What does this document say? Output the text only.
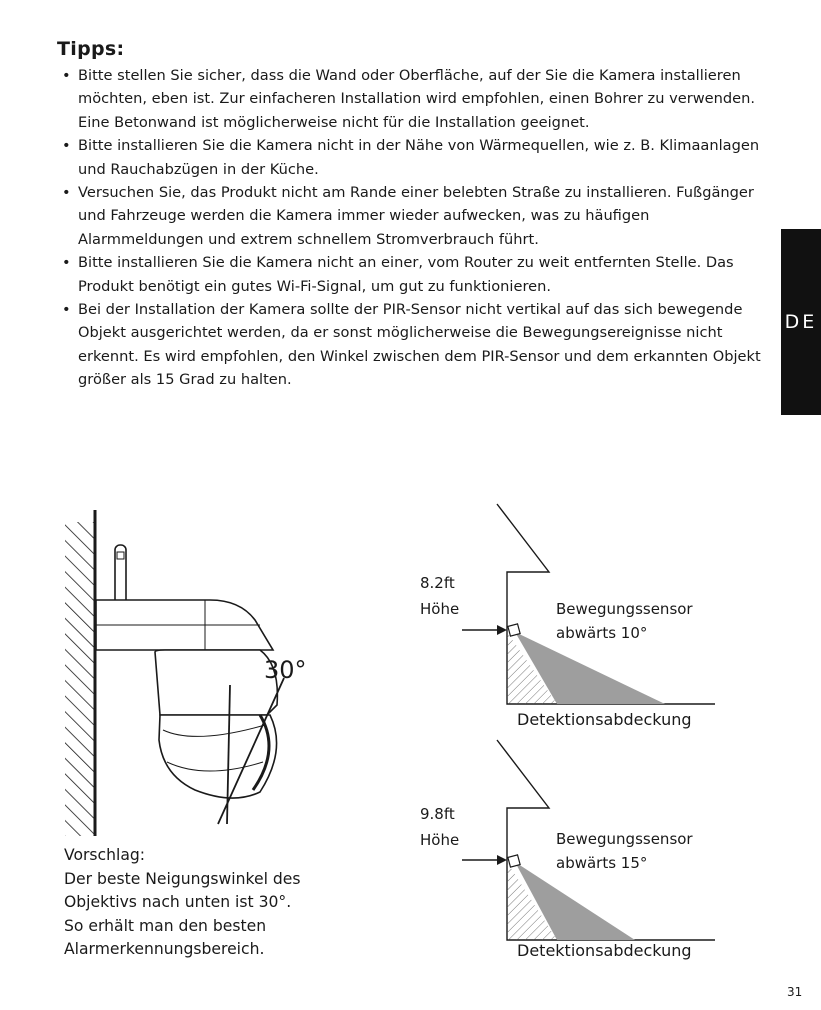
Tipps:
• Bitte stellen Sie sicher, dass die Wand oder Oberfläche, auf der Sie die Kamera installieren möchten, eben ist. Zur einfacheren Installation wird empfohlen, einen Bohrer zu verwenden. Eine Betonwand ist möglicherweise nicht für die Installation geeignet.
• Bitte installieren Sie die Kamera nicht in der Nähe von Wärmequellen, wie z. B. Klimaanlagen und Rauchabzügen in der Küche.
• Versuchen Sie, das Produkt nicht am Rande einer belebten Straße zu installieren. Fußgänger und Fahrzeuge werden die Kamera immer wieder aufwecken, was zu häufigen Alarmmeldungen und extrem schnellem Stromverbrauch führt.
• Bitte installieren Sie die Kamera nicht an einer, vom Router zu weit entfernten Stelle. Das Produkt benötigt ein gutes Wi-Fi-Signal, um gut zu funktionieren.
• Bei der Installation der Kamera sollte der PIR-Sensor nicht vertikal auf das sich bewegende Objekt ausgerichtet werden, da er sonst möglicherweise die Bewegungsereignisse nicht erkennt. Es wird empfohlen, den Winkel zwischen dem PIR-Sensor und dem erkannten Objekt größer als 15 Grad zu halten.
DE
30°
Vorschlag:
Der beste Neigungswinkel des
Objektivs nach unten ist 30°.
So erhält man den besten
Alarmerkennungsbereich.
8.2ft
Höhe	Bewegungssensor
abwärts 10°
Detektionsabdeckung
9.8ft
Höhe	Bewegungssensor
abwärts 15°
Detektionsabdeckung
31
